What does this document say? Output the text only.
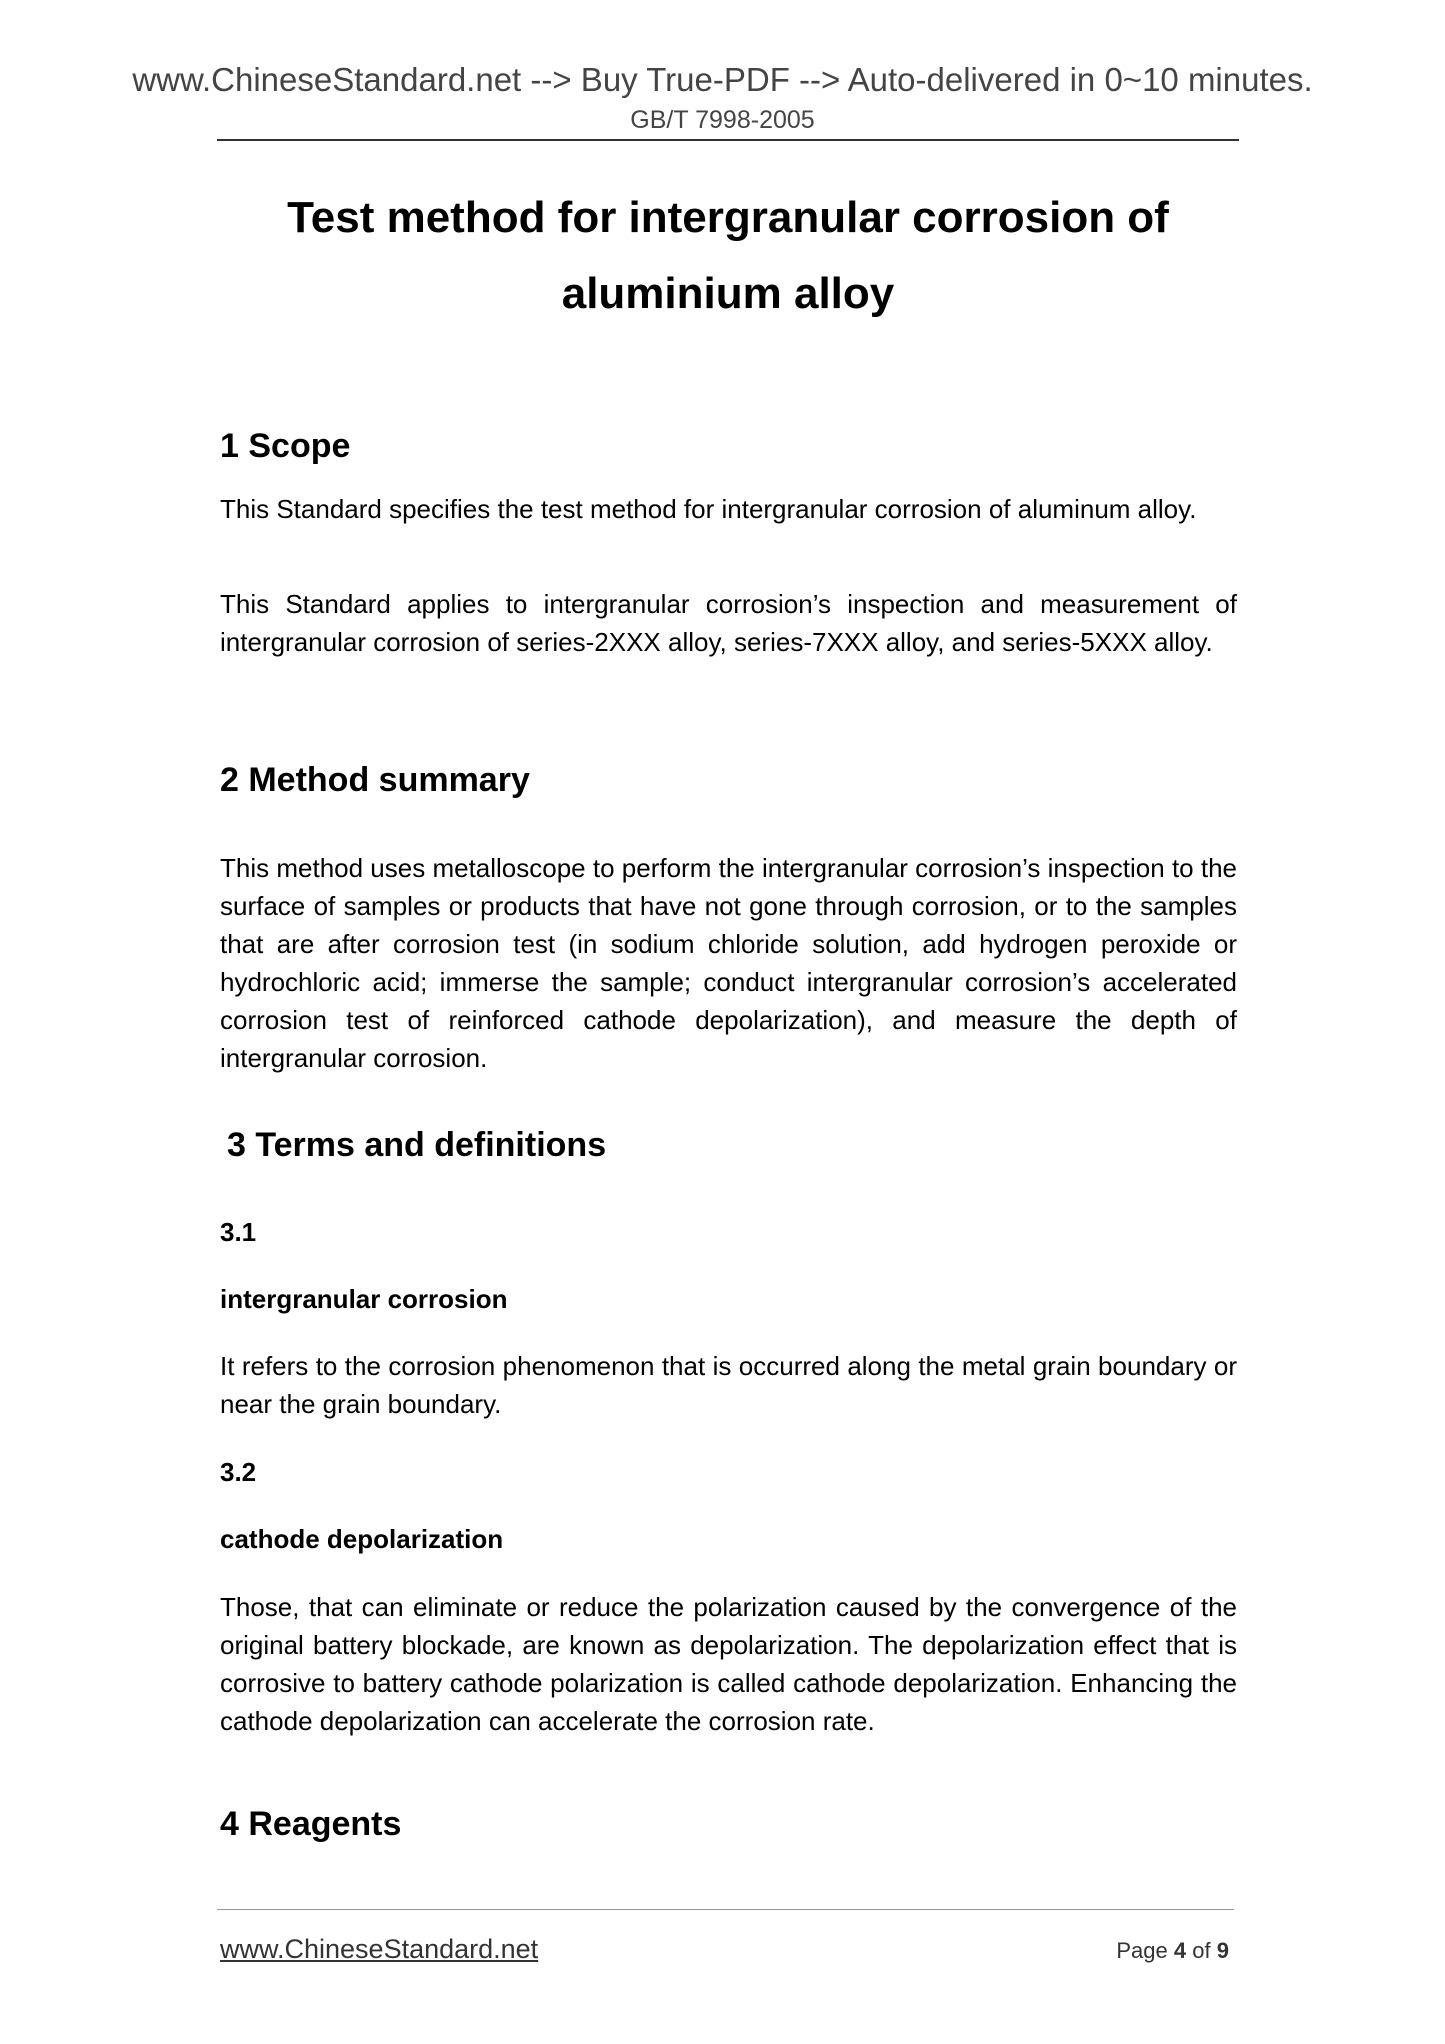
www.ChineseStandard.net --> Buy True-PDF --> Auto-delivered in 0~10 minutes.
GB/T 7998-2005
Test method for intergranular corrosion of aluminium alloy
1 Scope

This Standard specifies the test method for intergranular corrosion of aluminum alloy.

This Standard applies to intergranular corrosion’s inspection and measurement of intergranular corrosion of series-2XXX alloy, series-7XXX alloy, and series-5XXX alloy.

2 Method summary

This method uses metalloscope to perform the intergranular corrosion’s inspection to the surface of samples or products that have not gone through corrosion, or to the samples that are after corrosion test (in sodium chloride solution, add hydrogen peroxide or hydrochloric acid; immerse the sample; conduct intergranular corrosion’s accelerated corrosion test of reinforced cathode depolarization), and measure the depth of intergranular corrosion.

3 Terms and definitions
3.1
intergranular corrosion

It refers to the corrosion phenomenon that is occurred along the metal grain boundary or near the grain boundary.

3.2
cathode depolarization

Those, that can eliminate or reduce the polarization caused by the convergence of the original battery blockade, are known as depolarization. The depolarization effect that is corrosive to battery cathode polarization is called cathode depolarization. Enhancing the cathode depolarization can accelerate the corrosion rate.

4 Reagents
www.ChineseStandard.net	Page 4 of 9
